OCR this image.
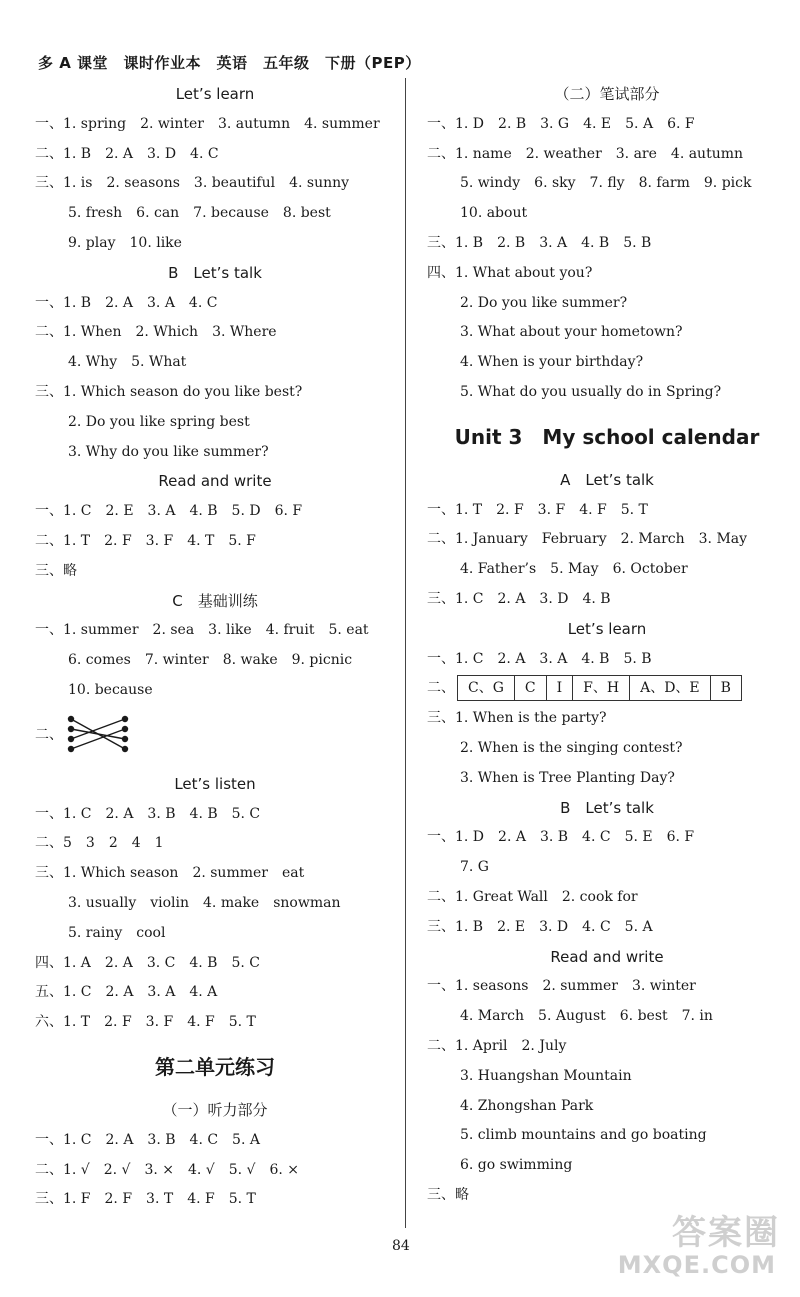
多 A 课堂　课时作业本　英语　五年级　下册（PEP）
Let’s learn
一、1. spring　2. winter　3. autumn　4. summer
二、1. B　2. A　3. D　4. C
三、1. is　2. seasons　3. beautiful　4. sunny
5. fresh　6. can　7. because　8. best
9. play　10. like
B　Let’s talk
一、1. B　2. A　3. A　4. C
二、1. When　2. Which　3. Where
4. Why　5. What
三、1. Which season do you like best?
2. Do you like spring best
3. Why do you like summer?
Read and write
一、1. C　2. E　3. A　4. B　5. D　6. F
二、1. T　2. F　3. F　4. T　5. F
三、略
C　基础训练
一、1. summer　2. sea　3. like　4. fruit　5. eat
6. comes　7. winter　8. wake　9. picnic
10. because
二、
Let’s listen
一、1. C　2. A　3. B　4. B　5. C
二、5　3　2　4　1
三、1. Which season　2. summer　eat
3. usually　violin　4. make　snowman
5. rainy　cool
四、1. A　2. A　3. C　4. B　5. C
五、1. C　2. A　3. A　4. A
六、1. T　2. F　3. F　4. F　5. T
第二单元练习
（一）听力部分
一、1. C　2. A　3. B　4. C　5. A
二、1. √　2. √　3. ×　4. √　5. √　6. ×
三、1. F　2. F　3. T　4. F　5. T
（二）笔试部分
一、1. D　2. B　3. G　4. E　5. A　6. F
二、1. name　2. weather　3. are　4. autumn
5. windy　6. sky　7. fly　8. farm　9. pick
10. about
三、1. B　2. B　3. A　4. B　5. B
四、1. What about you?
2. Do you like summer?
3. What about your hometown?
4. When is your birthday?
5. What do you usually do in Spring?
Unit 3　My school calendar
A　Let’s talk
一、1. T　2. F　3. F　4. F　5. T
二、1. January　February　2. March　3. May
4. Father’s　5. May　6. October
三、1. C　2. A　3. D　4. B
Let’s learn
一、1. C　2. A　3. A　4. B　5. B
二、 C、G	C	I	F、H	A、D、E	B
三、1. When is the party?
2. When is the singing contest?
3. When is Tree Planting Day?
B　Let’s talk
一、1. D　2. A　3. B　4. C　5. E　6. F
7. G
二、1. Great Wall　2. cook for
三、1. B　2. E　3. D　4. C　5. A
Read and write
一、1. seasons　2. summer　3. winter
4. March　5. August　6. best　7. in
二、1. April　2. July
3. Huangshan Mountain
4. Zhongshan Park
5. climb mountains and go boating
6. go swimming
三、略
84	答案圈
MXQE.COM
